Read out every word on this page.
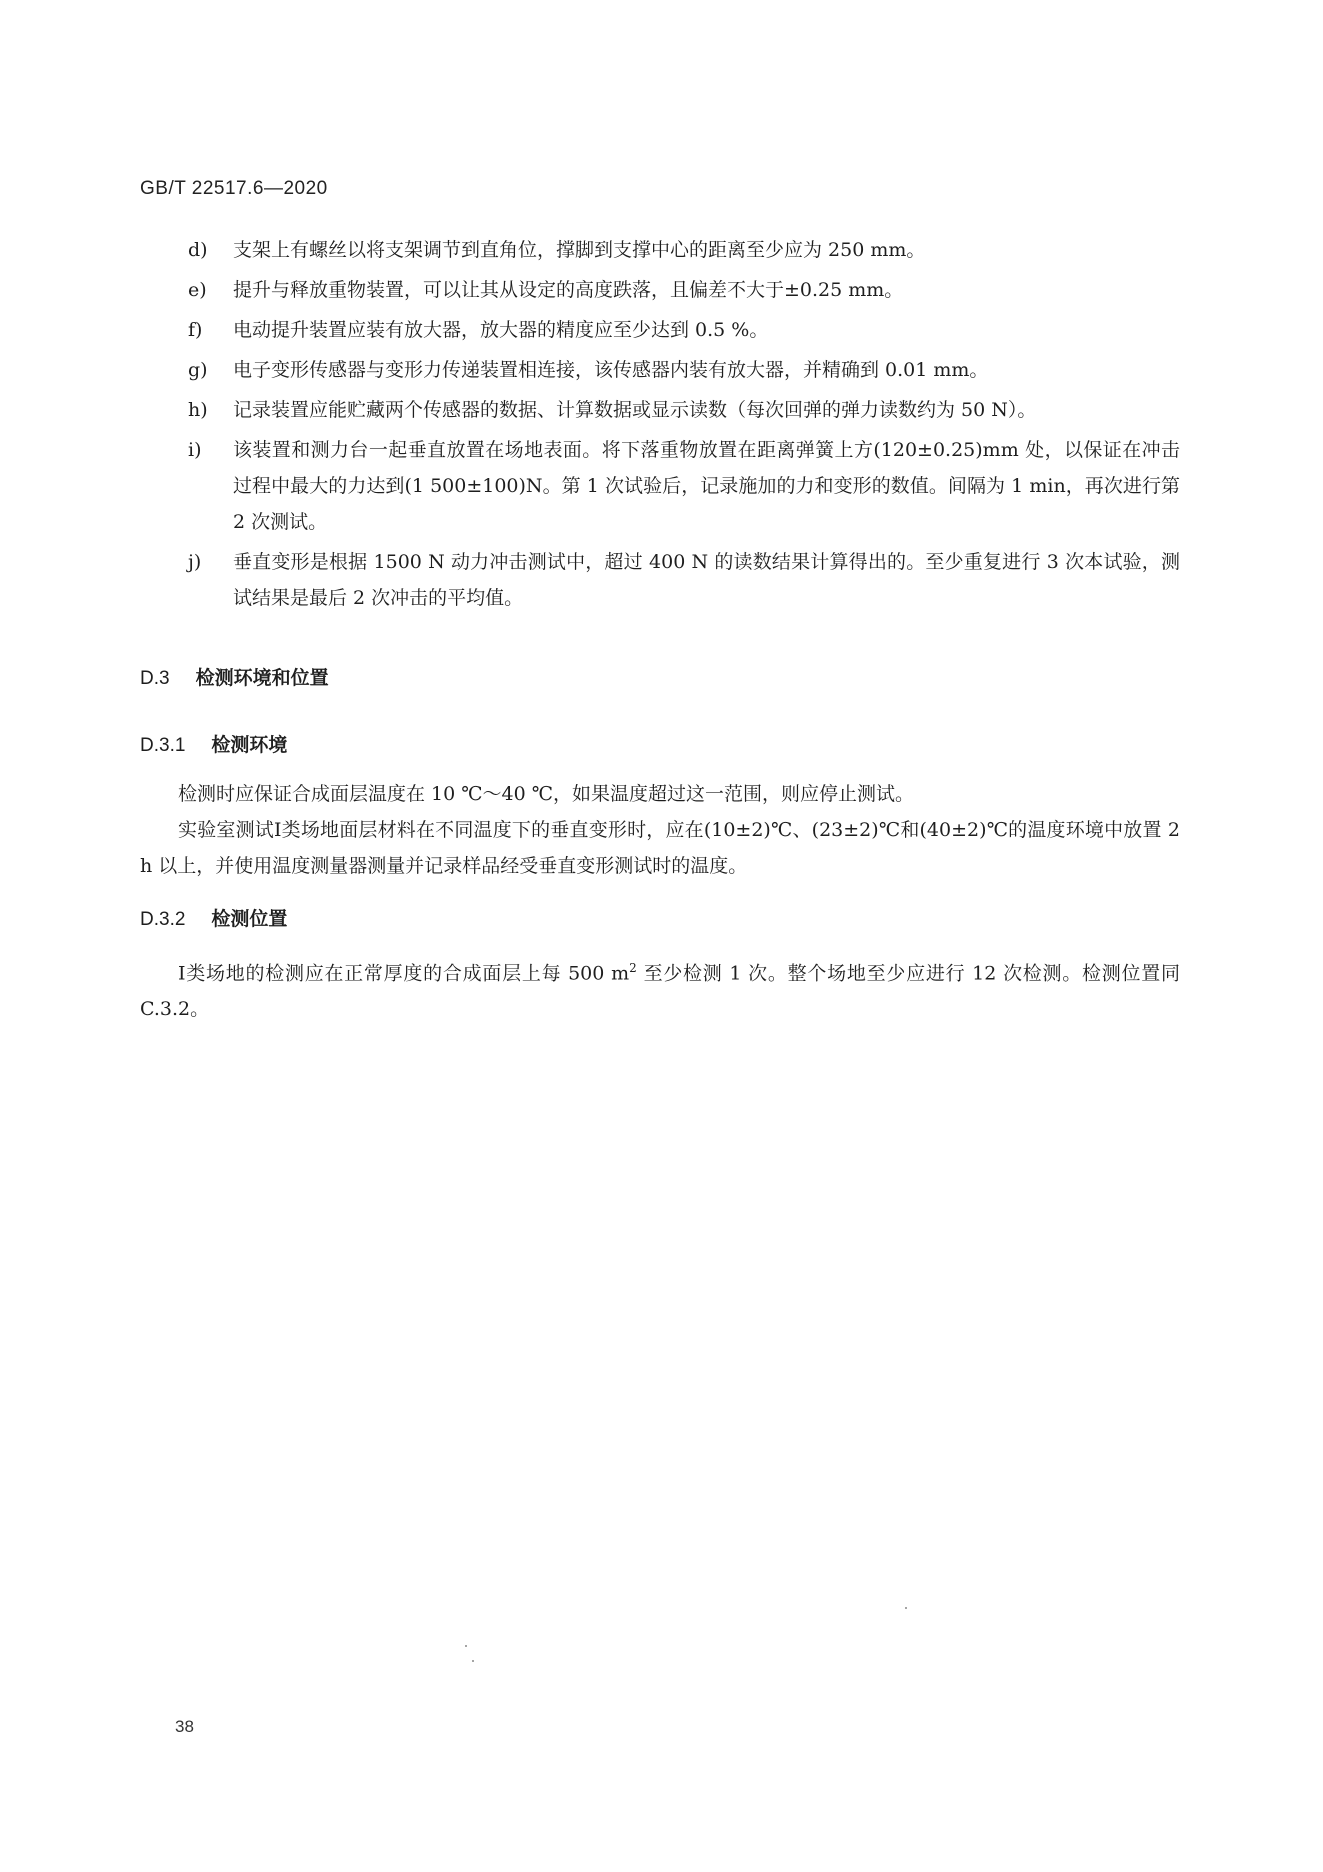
GB/T 22517.6—2020
d)	支架上有螺丝以将支架调节到直角位，撑脚到支撑中心的距离至少应为 250 mm。
e)	提升与释放重物装置，可以让其从设定的高度跌落，且偏差不大于±0.25 mm。
f)	电动提升装置应装有放大器，放大器的精度应至少达到 0.5 %。
g)	电子变形传感器与变形力传递装置相连接，该传感器内装有放大器，并精确到 0.01 mm。
h)	记录装置应能贮藏两个传感器的数据、计算数据或显示读数（每次回弹的弹力读数约为 50 N）。
i)	该装置和测力台一起垂直放置在场地表面。将下落重物放置在距离弹簧上方(120±0.25)mm 处，以保证在冲击过程中最大的力达到(1 500±100)N。第 1 次试验后，记录施加的力和变形的数值。间隔为 1 min，再次进行第 2 次测试。
j)	垂直变形是根据 1500 N 动力冲击测试中，超过 400 N 的读数结果计算得出的。至少重复进行 3 次本试验，测试结果是最后 2 次冲击的平均值。
D.3 检测环境和位置
D.3.1 检测环境
检测时应保证合成面层温度在 10 ℃～40 ℃，如果温度超过这一范围，则应停止测试。
实验室测试Ⅰ类场地面层材料在不同温度下的垂直变形时，应在(10±2)℃、(23±2)℃和(40±2)℃的温度环境中放置 2 h 以上，并使用温度测量器测量并记录样品经受垂直变形测试时的温度。
D.3.2 检测位置
Ⅰ类场地的检测应在正常厚度的合成面层上每 500 $m^2$ 至少检测 1 次。整个场地至少应进行 12 次检测。检测位置同 C.3.2。
38
